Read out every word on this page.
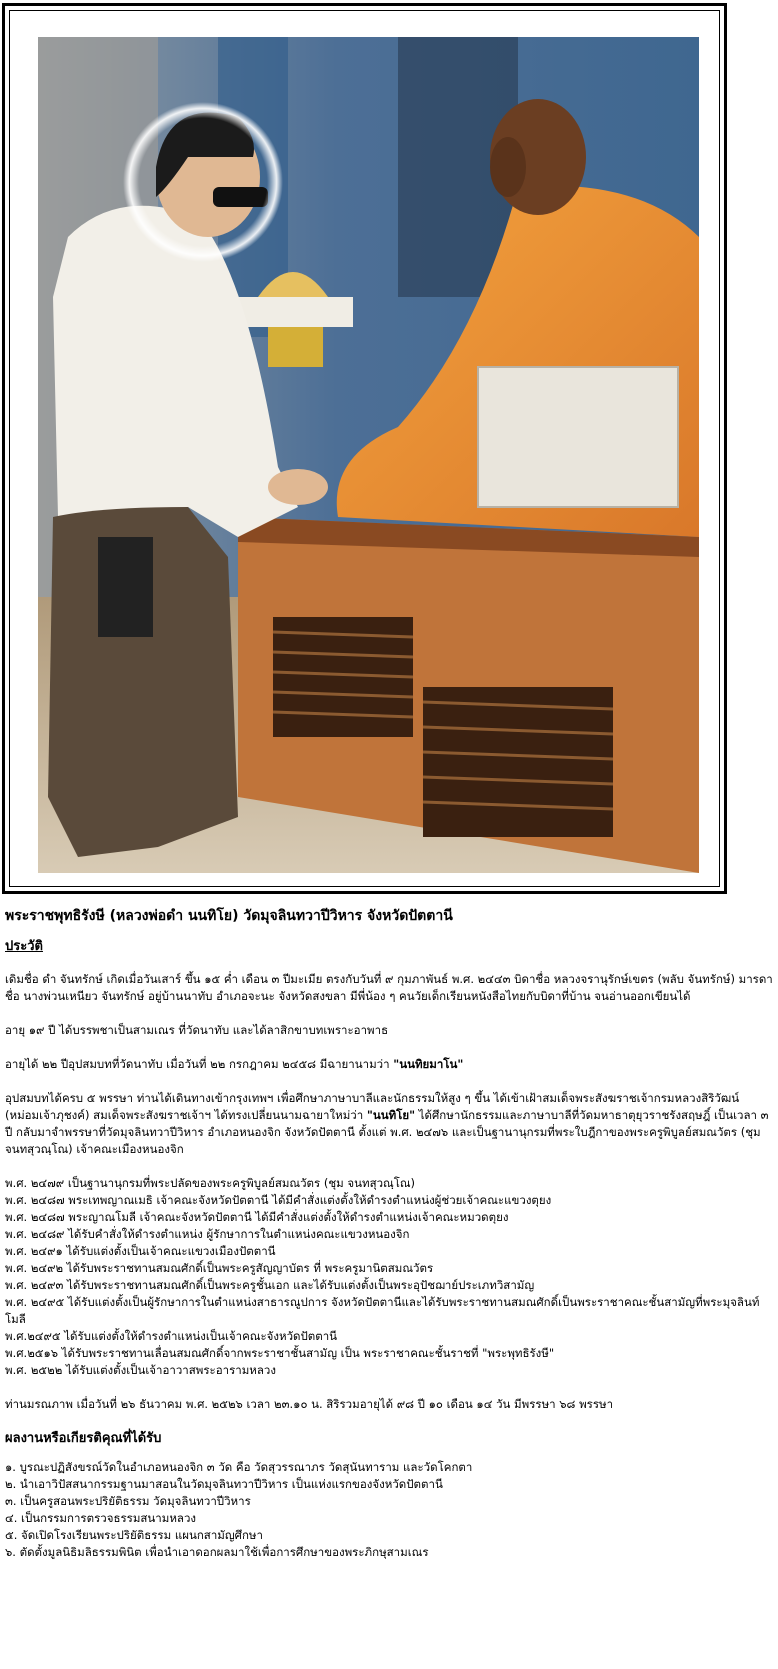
พระราชพุทธิรังษี (หลวงพ่อดำ นนทิโย) วัดมุจลินทวาปีวิหาร จังหวัดปัตตานี
ประวัติ
เดิมชื่อ ดำ จันทรักษ์ เกิดเมื่อวันเสาร์ ขึ้น ๑๕ ค่ำ เดือน ๓ ปีมะเมีย ตรงกับวันที่ ๙ กุมภาพันธ์ พ.ศ. ๒๔๔๓ บิดาชื่อ หลวงจรานุรักษ์เขตร (พลับ จันทรักษ์) มารดาชื่อ นางพ่วนเหนียว จันทรักษ์ อยู่บ้านนาทับ อำเภอจะนะ จังหวัดสงขลา มีพี่น้อง ๆ คนวัยเด็กเรียนหนังสือไทยกับบิดาที่บ้าน จนอ่านออกเขียนได้
อายุ ๑๙ ปี ได้บรรพชาเป็นสามเณร ที่วัดนาทับ และได้ลาสิกขาบทเพราะอาพาธ
อายุได้ ๒๒ ปีอุปสมบทที่วัดนาทับ เมื่อวันที่ ๒๒ กรกฎาคม ๒๔๕๘ มีฉายานามว่า "นนทิยมาโน"
อุปสมบทได้ครบ ๕ พรรษา ท่านได้เดินทางเข้ากรุงเทพฯ เพื่อศึกษาภาษาบาลีและนักธรรมให้สูง ๆ ขึ้น ได้เข้าเฝ้าสมเด็จพระสังฆราชเจ้ากรมหลวงสิริวัฒน์ (หม่อมเจ้าภุชงค์) สมเด็จพระสังฆราชเจ้าฯ ได้ทรงเปลี่ยนนามฉายาใหม่ว่า "นนทิโย" ได้ศึกษานักธรรมและภาษาบาลีที่วัดมหาธาตุยุวราชรังสฤษฎิ์ เป็นเวลา ๓ ปี กลับมาจำพรรษาที่วัดมุจลินทวาปีวิหาร อำเภอหนองจิก จังหวัดปัตตานี ตั้งแต่ พ.ศ. ๒๔๗๖ และเป็นฐานานุกรมที่พระใบฎีกาของพระครูพิบูลย์สมณวัตร (ชุม จนทสุวณฺโณ) เจ้าคณะเมืองหนองจิก
พ.ศ. ๒๔๗๙ เป็นฐานานุกรมที่พระปลัดของพระครูพิบูลย์สมณวัตร (ชุม จนทสุวณฺโณ)
พ.ศ. ๒๔๘๗ พระเทพญาณเมธิ เจ้าคณะจังหวัดปัตตานี ได้มีคำสั่งแต่งตั้งให้ดำรงตำแหน่งผู้ช่วยเจ้าคณะแขวงตุยง
พ.ศ. ๒๔๘๗ พระญาณโมลี เจ้าคณะจังหวัดปัตตานี ได้มีคำสั่งแต่งตั้งให้ดำรงตำแหน่งเจ้าคณะหมวดตุยง
พ.ศ. ๒๔๘๙ ได้รับคำสั่งให้ดำรงตำแหน่ง ผู้รักษาการในตำแหน่งคณะแขวงหนองจิก
พ.ศ. ๒๔๙๑ ได้รับแต่งตั้งเป็นเจ้าคณะแขวงเมืองปัตตานี
พ.ศ. ๒๔๙๒ ได้รับพระราชทานสมณศักดิ์เป็นพระครูสัญญาบัตร ที่ พระครูมานิตสมณวัตร
พ.ศ. ๒๔๙๓ ได้รับพระราชทานสมณศักดิ์เป็นพระครูชั้นเอก และได้รับแต่งตั้งเป็นพระอุปัชฌาย์ประเภทวิสามัญ
พ.ศ. ๒๔๙๕ ได้รับแต่งตั้งเป็นผู้รักษาการในตำแหน่งสาธารณูปการ จังหวัดปัตตานีและได้รับพระราชทานสมณศักดิ์เป็นพระราชาคณะชั้นสามัญที่พระมุจลินท์โมลี
พ.ศ.๒๔๙๕ ได้รับแต่งตั้งให้ดำรงตำแหน่งเป็นเจ้าคณะจังหวัดปัตตานี
พ.ศ.๒๕๑๖ ได้รับพระราชทานเลื่อนสมณศักดิ์จากพระราชาชั้นสามัญ เป็น พระราชาคณะชั้นราชที่ "พระพุทธิรังษี"
พ.ศ. ๒๕๒๒ ได้รับแต่งตั้งเป็นเจ้าอาวาสพระอารามหลวง
ท่านมรณภาพ เมื่อวันที่ ๒๖ ธันวาคม พ.ศ. ๒๕๒๖ เวลา ๒๓.๑๐ น. สิริรวมอายุได้ ๙๘ ปี ๑๐ เดือน ๑๔ วัน มีพรรษา ๖๘ พรรษา
ผลงานหรือเกียรติคุณที่ได้รับ
๑. บูรณะปฏิสังขรณ์วัดในอำเภอหนองจิก ๓ วัด คือ วัดสุวรรณาภร วัดสุนันทาราม และวัดโคกตา
๒. นำเอาวิปัสสนากรรมฐานมาสอนในวัดมุจลินทวาปีวิหาร เป็นแห่งแรกของจังหวัดปัตตานี
๓. เป็นครูสอนพระปริยัติธรรม วัดมุจลินทวาปีวิหาร
๔. เป็นกรรมการตรวจธรรมสนามหลวง
๕. จัดเปิดโรงเรียนพระปริยัติธรรม แผนกสามัญศึกษา
๖. ตัดตั้งมูลนิธิมลิธรรมพินิต เพื่อนำเอาดอกผลมาใช้เพื่อการศึกษาของพระภิกษุสามเณร
